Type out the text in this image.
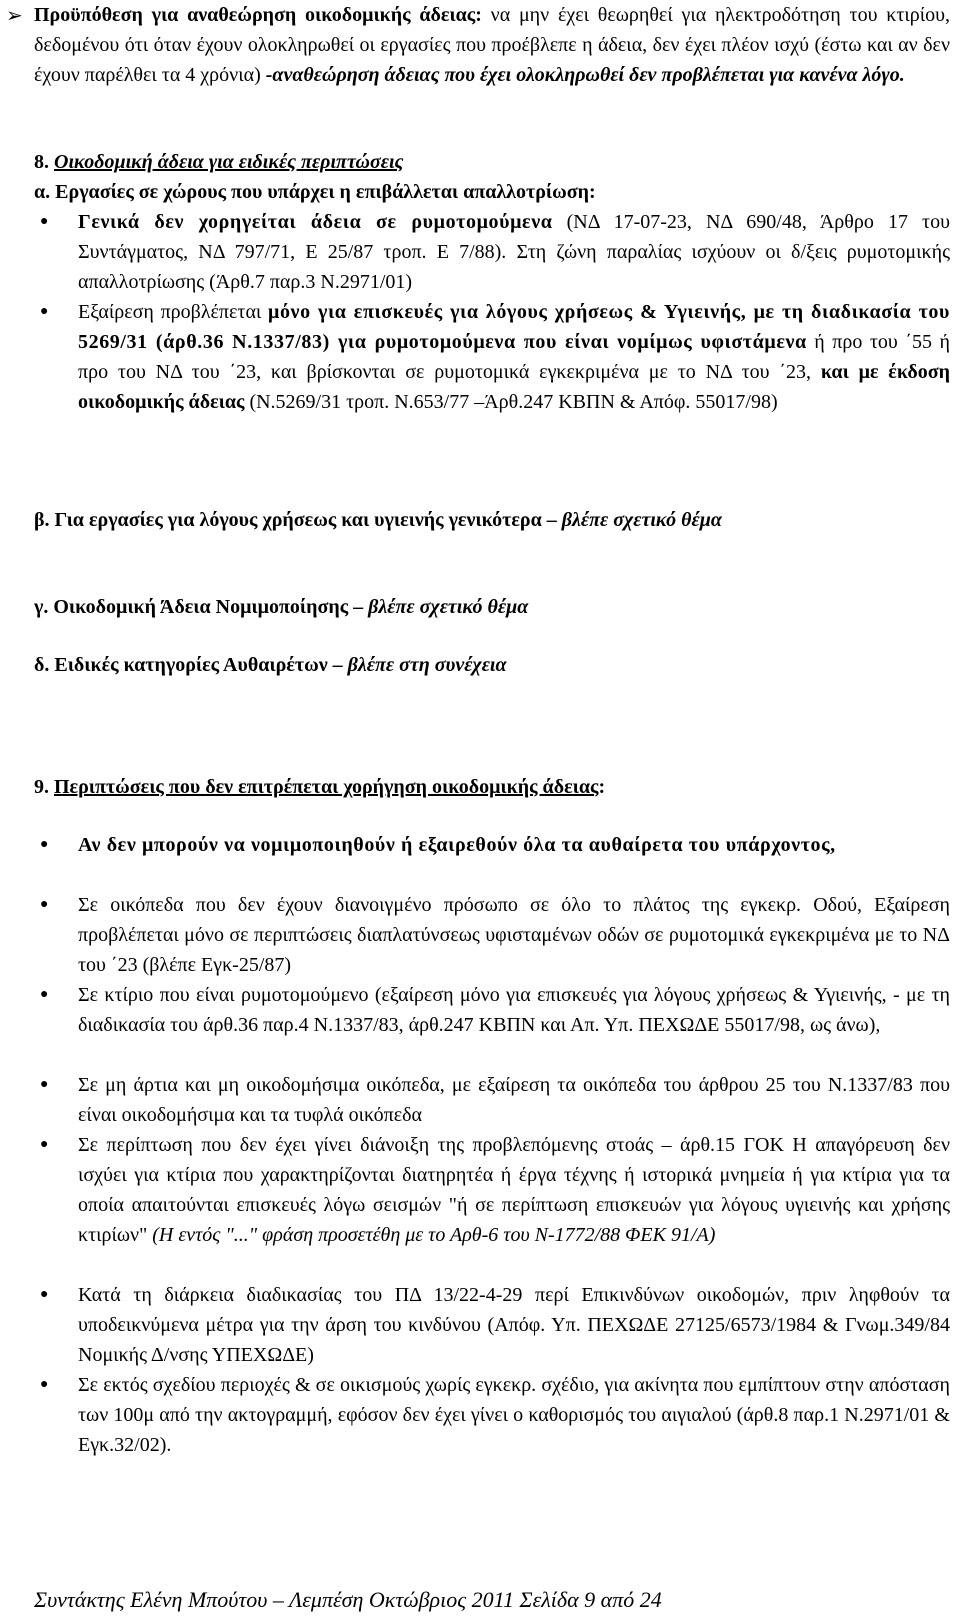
➢ Προϋπόθεση για αναθεώρηση οικοδομικής άδειας: να μην έχει θεωρηθεί για ηλεκτροδότηση του κτιρίου, δεδομένου ότι όταν έχουν ολοκληρωθεί οι εργασίες που προέβλεπε η άδεια, δεν έχει πλέον ισχύ (έστω και αν δεν έχουν παρέλθει τα 4 χρόνια) -αναθεώρηση άδειας που έχει ολοκληρωθεί δεν προβλέπεται για κανένα λόγο.
8. Οικοδομική άδεια για ειδικές περιπτώσεις
α. Εργασίες σε χώρους που υπάρχει η επιβάλλεται απαλλοτρίωση:
● Γενικά δεν χορηγείται άδεια σε ρυμοτομούμενα (ΝΔ 17-07-23, ΝΔ 690/48, Άρθρο 17 του Συντάγματος, ΝΔ 797/71, Ε 25/87 τροπ. Ε 7/88). Στη ζώνη παραλίας ισχύουν οι δ/ξεις ρυμοτομικής απαλλοτρίωσης (Άρθ.7 παρ.3 Ν.2971/01)
● Εξαίρεση προβλέπεται μόνο για επισκευές για λόγους χρήσεως & Υγιεινής, με τη διαδικασία του 5269/31 (άρθ.36 Ν.1337/83) για ρυμοτομούμενα που είναι νομίμως υφιστάμενα ή προ του ΄55 ή προ του ΝΔ του ΄23, και βρίσκονται σε ρυμοτομικά εγκεκριμένα με το ΝΔ του ΄23, και με έκδοση οικοδομικής άδειας (Ν.5269/31 τροπ. Ν.653/77 –Άρθ.247 ΚΒΠΝ & Απόφ. 55017/98)
β. Για εργασίες για λόγους χρήσεως και υγιεινής γενικότερα – βλέπε σχετικό θέμα
γ. Οικοδομική Άδεια Νομιμοποίησης – βλέπε σχετικό θέμα
δ. Ειδικές κατηγορίες Αυθαιρέτων – βλέπε στη συνέχεια
9. Περιπτώσεις που δεν επιτρέπεται χορήγηση οικοδομικής άδειας:
● Αν δεν μπορούν να νομιμοποιηθούν ή εξαιρεθούν όλα τα αυθαίρετα του υπάρχοντος,
● Σε οικόπεδα που δεν έχουν διανοιγμένο πρόσωπο σε όλο το πλάτος της εγκεκρ. Οδού, Εξαίρεση προβλέπεται μόνο σε περιπτώσεις διαπλατύνσεως υφισταμένων οδών σε ρυμοτομικά εγκεκριμένα με το ΝΔ του ΄23 (βλέπε Εγκ-25/87)
● Σε κτίριο που είναι ρυμοτομούμενο (εξαίρεση μόνο για επισκευές για λόγους χρήσεως & Υγιεινής, - με τη διαδικασία του άρθ.36 παρ.4 Ν.1337/83, άρθ.247 ΚΒΠΝ και Απ. Υπ. ΠΕΧΩΔΕ 55017/98, ως άνω),
● Σε μη άρτια και μη οικοδομήσιμα οικόπεδα, με εξαίρεση τα οικόπεδα του άρθρου 25 του Ν.1337/83 που είναι οικοδομήσιμα και τα τυφλά οικόπεδα
● Σε περίπτωση που δεν έχει γίνει διάνοιξη της προβλεπόμενης στοάς – άρθ.15 ΓΟΚ Η απαγόρευση δεν ισχύει για κτίρια που χαρακτηρίζονται διατηρητέα ή έργα τέχνης ή ιστορικά μνημεία ή για κτίρια για τα οποία απαιτούνται επισκευές λόγω σεισμών "ή σε περίπτωση επισκευών για λόγους υγιεινής και χρήσης κτιρίων" (Η εντός "..." φράση προσετέθη με το Αρθ-6 του Ν-1772/88 ΦΕΚ 91/Α)
● Κατά τη διάρκεια διαδικασίας του ΠΔ 13/22-4-29 περί Επικινδύνων οικοδομών, πριν ληφθούν τα υποδεικνύμενα μέτρα για την άρση του κινδύνου (Απόφ. Υπ. ΠΕΧΩΔΕ 27125/6573/1984 & Γνωμ.349/84 Νομικής Δ/νσης ΥΠΕΧΩΔΕ)
● Σε εκτός σχεδίου περιοχές & σε οικισμούς χωρίς εγκεκρ. σχέδιο, για ακίνητα που εμπίπτουν στην απόσταση των 100μ από την ακτογραμμή, εφόσον δεν έχει γίνει ο καθορισμός του αιγιαλού (άρθ.8 παρ.1 Ν.2971/01 & Εγκ.32/02).
Συντάκτης Ελένη Μπούτου – Λεμπέση Οκτώβριος 2011 Σελίδα 9 από 24
